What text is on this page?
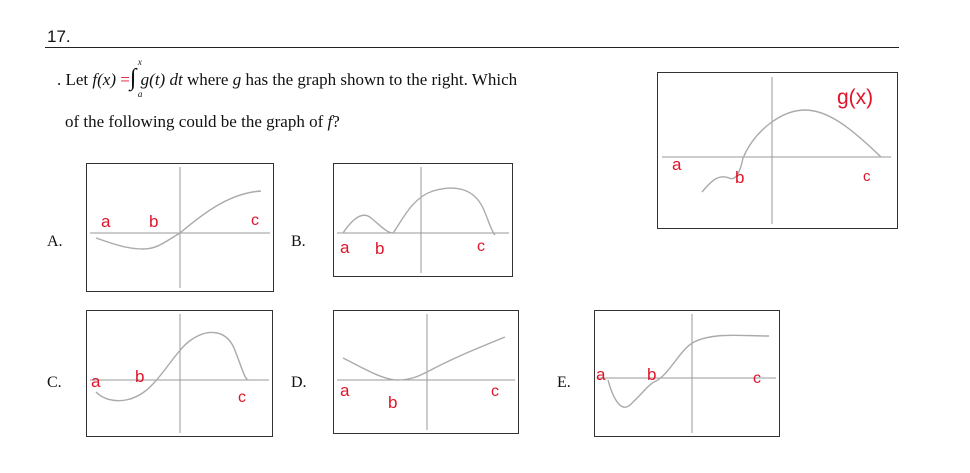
17.
. Let f(x) =∫
x
a
g(t) dt where g has the graph shown to the right. Which
of the following could be the graph of f?
g(x)
a
b	c
A.
a b	c
B. a b	c
C. a b
c
D. a
b
c
E. a b	c
